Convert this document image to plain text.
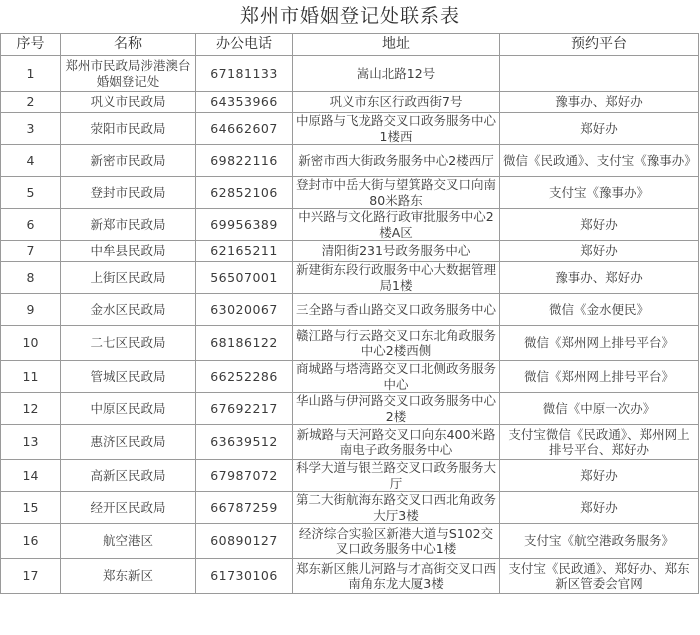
郑州市婚姻登记处联系表
序号	名称	办公电话	地址	预约平台
1	郑州市民政局涉港澳台婚姻登记处	67181133	嵩山北路12号	
2	巩义市民政局	64353966	巩义市东区行政西街7号	豫事办、郑好办
3	荥阳市民政局	64662607	中原路与飞龙路交叉口政务服务中心1楼西	郑好办
4	新密市民政局	69822116	新密市西大街政务服务中心2楼西厅	微信《民政通》、支付宝《豫事办》
5	登封市民政局	62852106	登封市中岳大街与望箕路交叉口向南80米路东	支付宝《豫事办》
6	新郑市民政局	69956389	中兴路与文化路行政审批服务中心2楼A区	郑好办
7	中牟县民政局	62165211	清阳街231号政务服务中心	郑好办
8	上街区民政局	56507001	新建街东段行政服务中心大数据管理局1楼	豫事办、郑好办
9	金水区民政局	63020067	三全路与香山路交叉口政务服务中心	微信《金水便民》
10	二七区民政局	68186122	赣江路与行云路交叉口东北角政服务中心2楼西侧	微信《郑州网上排号平台》
11	管城区民政局	66252286	商城路与塔湾路交叉口北侧政务服务中心	微信《郑州网上排号平台》
12	中原区民政局	67692217	华山路与伊河路交叉口政务服务中心2楼	微信《中原一次办》
13	惠济区民政局	63639512	新城路与天河路交叉口向东400米路南电子政务服务中心	支付宝微信《民政通》、郑州网上排号平台、郑好办
14	高新区民政局	67987072	科学大道与银兰路交叉口政务服务大厅	郑好办
15	经开区民政局	66787259	第二大街航海东路交叉口西北角政务大厅3楼	郑好办
16	航空港区	60890127	经济综合实验区新港大道与S102交叉口政务服务中心1楼	支付宝《航空港政务服务》
17	郑东新区	61730106	郑东新区熊儿河路与才高街交叉口西南角东龙大厦3楼	支付宝《民政通》、郑好办、郑东新区管委会官网
